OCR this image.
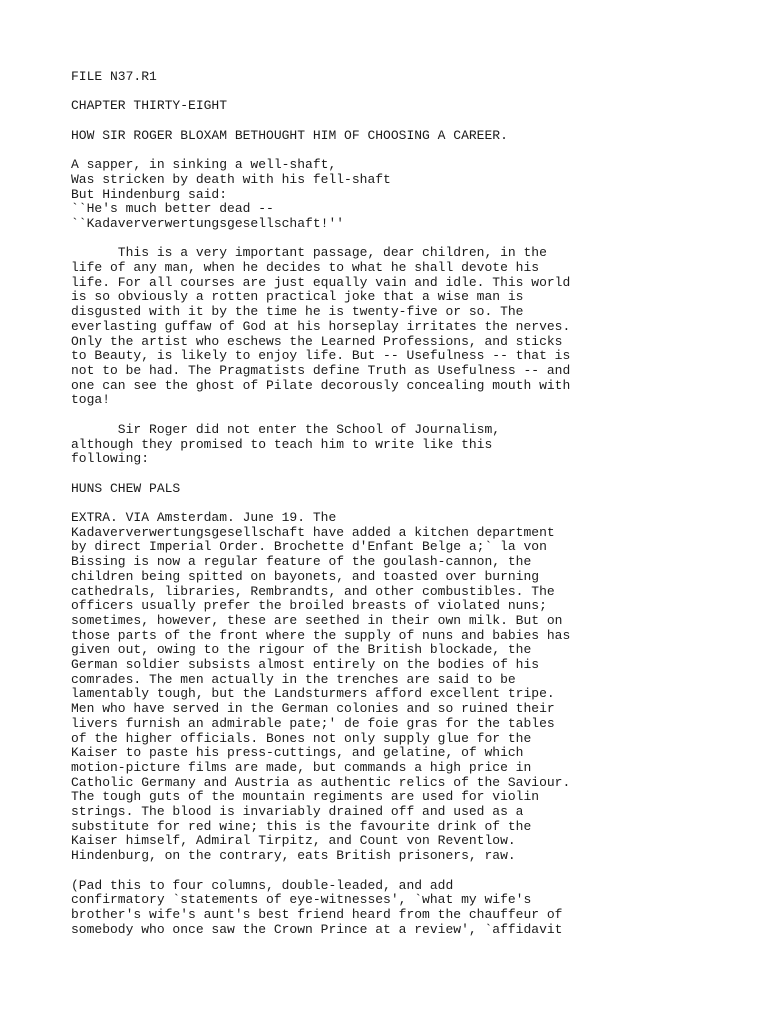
FILE N37.R1
CHAPTER THIRTY-EIGHT
HOW SIR ROGER BLOXAM BETHOUGHT HIM OF CHOOSING A CAREER.
A sapper, in sinking a well-shaft,
Was stricken by death with his fell-shaft
But Hindenburg said:
``He's much better dead --
``Kadaververwertungsgesellschaft!''
This is a very important passage, dear children, in the
life of any man, when he decides to what he shall devote his
life. For all courses are just equally vain and idle. This world
is so obviously a rotten practical joke that a wise man is
disgusted with it by the time he is twenty-five or so. The
everlasting guffaw of God at his horseplay irritates the nerves.
Only the artist who eschews the Learned Professions, and sticks
to Beauty, is likely to enjoy life. But -- Usefulness -- that is
not to be had. The Pragmatists define Truth as Usefulness -- and
one can see the ghost of Pilate decorously concealing mouth with
toga!
Sir Roger did not enter the School of Journalism,
although they promised to teach him to write like this
following:
HUNS CHEW PALS
EXTRA. VIA Amsterdam. June 19. The
Kadaververwertungsgesellschaft have added a kitchen department
by direct Imperial Order. Brochette d'Enfant Belge a;` la von
Bissing is now a regular feature of the goulash-cannon, the
children being spitted on bayonets, and toasted over burning
cathedrals, libraries, Rembrandts, and other combustibles. The
officers usually prefer the broiled breasts of violated nuns;
sometimes, however, these are seethed in their own milk. But on
those parts of the front where the supply of nuns and babies has
given out, owing to the rigour of the British blockade, the
German soldier subsists almost entirely on the bodies of his
comrades. The men actually in the trenches are said to be
lamentably tough, but the Landsturmers afford excellent tripe.
Men who have served in the German colonies and so ruined their
livers furnish an admirable pate;' de foie gras for the tables
of the higher officials. Bones not only supply glue for the
Kaiser to paste his press-cuttings, and gelatine, of which
motion-picture films are made, but commands a high price in
Catholic Germany and Austria as authentic relics of the Saviour.
The tough guts of the mountain regiments are used for violin
strings. The blood is invariably drained off and used as a
substitute for red wine; this is the favourite drink of the
Kaiser himself, Admiral Tirpitz, and Count von Reventlow.
Hindenburg, on the contrary, eats British prisoners, raw.
(Pad this to four columns, double-leaded, and add
confirmatory `statements of eye-witnesses', `what my wife's
brother's wife's aunt's best friend heard from the chauffeur of
somebody who once saw the Crown Prince at a review', `affidavit
